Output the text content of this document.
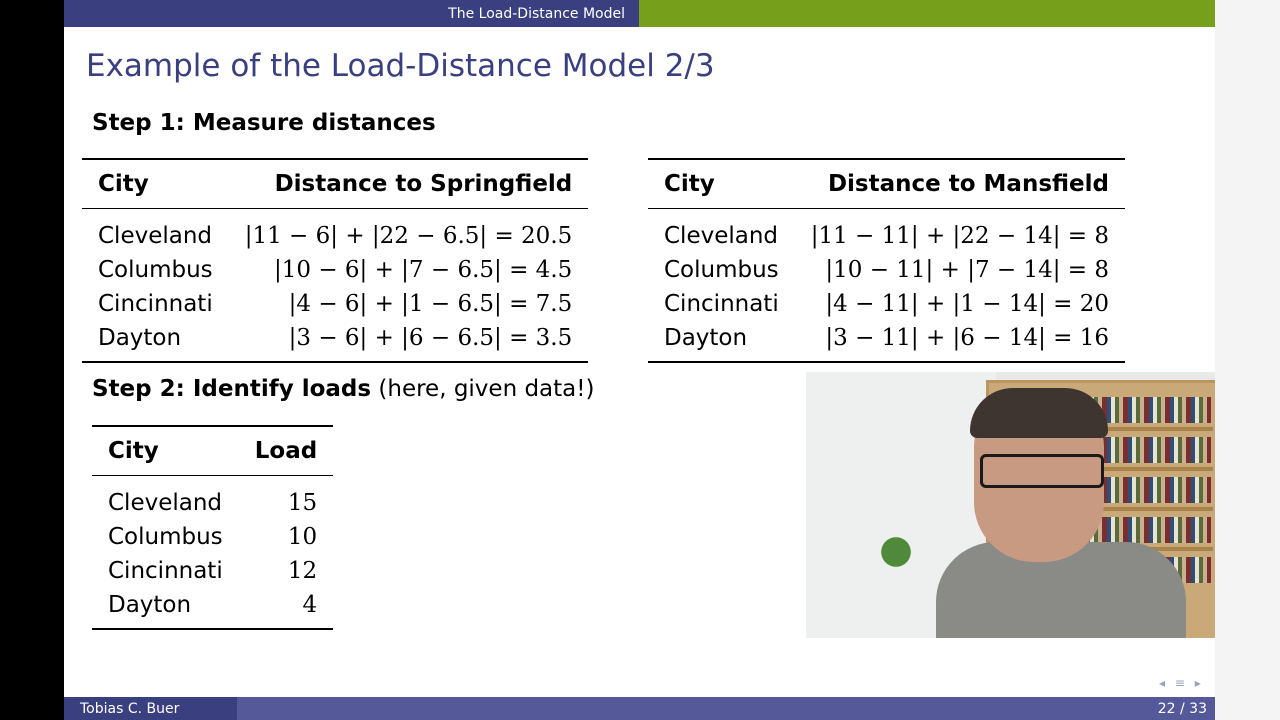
The Load-Distance Model
Example of the Load-Distance Model 2/3
Step 1: Measure distances
City	Distance to Springfield
Cleveland	|11 − 6| + |22 − 6.5| = 20.5
Columbus	|10 − 6| + |7 − 6.5| = 4.5
Cincinnati	|4 − 6| + |1 − 6.5| = 7.5
Dayton	|3 − 6| + |6 − 6.5| = 3.5
City	Distance to Mansfield
Cleveland	|11 − 11| + |22 − 14| = 8
Columbus	|10 − 11| + |7 − 14| = 8
Cincinnati	|4 − 11| + |1 − 14| = 20
Dayton	|3 − 11| + |6 − 14| = 16
Step 2: Identify loads (here, given data!)
City	Load
Cleveland	15
Columbus	10
Cincinnati	12
Dayton	4
◂ ≡ ▸
Tobias C. Buer	22 / 33
